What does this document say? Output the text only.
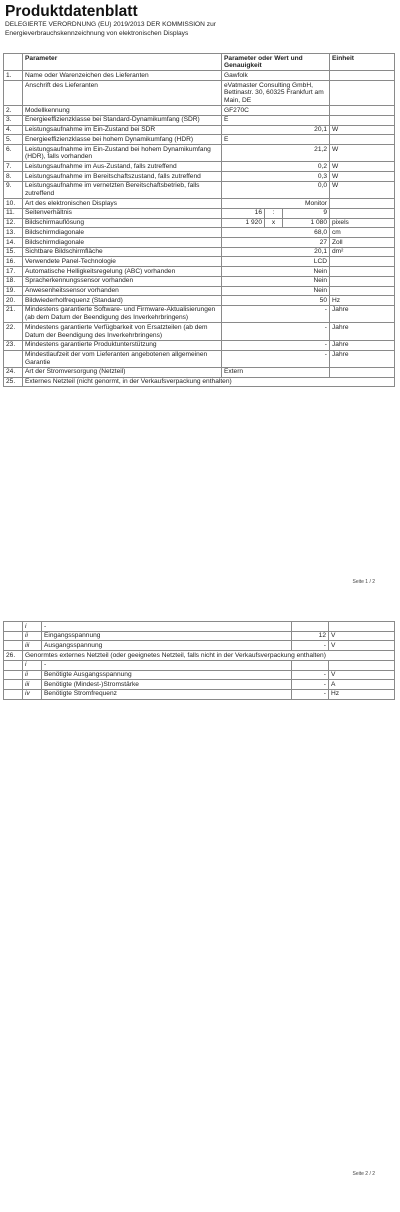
Produktdatenblatt
DELEGIERTE VERORDNUNG (EU) 2019/2013 DER KOMMISSION zur
Energieverbrauchskennzeichnung von elektronischen Displays
	Parameter	Parameter oder Wert und Genauigkeit			Einheit
1.	Name oder Warenzeichen des Lieferanten	Gawfolk			
	Anschrift des Lieferanten	eVatmaster Consulting GmbH, Bettinastr. 30, 60325 Frankfurt am Main, DE			
2.	Modellkennung	GF270C			
3.	Energieeffizienzklasse bei Standard-Dynamikumfang (SDR)	E			
4.	Leistungsaufnahme im Ein-Zustand bei SDR	20,1			W
5.	Energieeffizienzklasse bei hohem Dynamikumfang (HDR)	E			
6.	Leistungsaufnahme im Ein-Zustand bei hohem Dynamikumfang (HDR), falls vorhanden	21,2			W
7.	Leistungsaufnahme im Aus-Zustand, falls zutreffend	0,2			W
8.	Leistungsaufnahme im Bereitschaftszustand, falls zutreffend	0,3			W
9.	Leistungsaufnahme im vernetzten Bereitschaftsbetrieb, falls zutreffend	0,0			W
10.	Art des elektronischen Displays	Monitor			
11.	Seitenverhältnis	16	:	9	
12.	Bildschirmauflösung	1 920	x	1 080	pixels
13.	Bildschirmdiagonale	68,0			cm
14.	Bildschirmdiagonale	27			Zoll
15.	Sichtbare Bildschirmfläche	20,1			dm²
16.	Verwendete Panel-Technologie	LCD			
17.	Automatische Helligkeitsregelung (ABC) vorhanden	Nein			
18.	Spracherkennungssensor vorhanden	Nein			
19.	Anwesenheitssensor vorhanden	Nein			
20.	Bildwiederholfrequenz (Standard)	50			Hz
21.	Mindestens garantierte Software- und Firmware-Aktualisierungen (ab dem Datum der Beendigung des Inverkehrbringens)	-			Jahre
22.	Mindestens garantierte Verfügbarkeit von Ersatzteilen (ab dem Datum der Beendigung des Inverkehrbringens)	-			Jahre
23.	Mindestens garantierte Produktunterstützung	-			Jahre
	Mindestlaufzeit der vom Lieferanten angebotenen allgemeinen Garantie	-			Jahre
24.	Art der Stromversorgung (Netzteil)	Extern			
25.	Externes Netzteil (nicht genormt, in der Verkaufsverpackung enthalten)				
Seite 1 / 2
	i	-		
	ii	Eingangsspannung	12	V
	iii	Ausgangsspannung	-	V
26.	Genormtes externes Netzteil (oder geeignetes Netzteil, falls nicht in der Verkaufsverpackung enthalten)			
	i	-		
	ii	Benötigte Ausgangsspannung	-	V
	iii	Benötigte (Mindest-)Stromstärke	-	A
	iv	Benötigte Stromfrequenz	-	Hz
Seite 2 / 2
